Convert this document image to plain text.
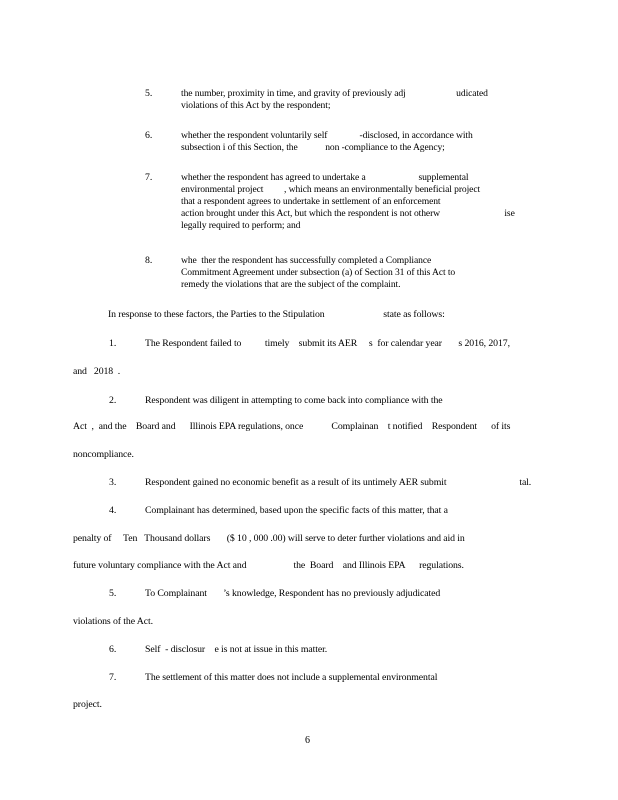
5.	the number, proximity in time, and gravity of previously adj                      udicated
violations of this Act by the respondent;
6.	whether the respondent voluntarily self              -disclosed, in accordance with
subsection i of this Section, the            non -compliance to the Agency;
7.	whether the respondent has agreed to undertake a                       supplemental
environmental project         , which means an environmentally beneficial project
that a respondent agrees to undertake in settlement of an enforcement
action brought under this Act, but which the respondent is not otherw                            ise
legally required to perform; and
8.	whe  ther the respondent has successfully completed a Compliance
Commitment Agreement under subsection (a) of Section 31 of this Act to
remedy the violations that are the subject of the complaint.
In response to these factors, the Parties to the Stipulation                         state as follows:
1.	The Respondent failed to          timely    submit its AER     s  for calendar year       s 2016, 2017,
and   2018  .
2.	Respondent was diligent in attempting to come back into compliance with the
Act  ,  and the    Board and      Illinois EPA regulations, once            Complainan    t notified    Respondent      of its
noncompliance.
3.	Respondent gained no economic benefit as a result of its untimely AER submit                               tal.
4.	Complainant has determined, based upon the specific facts of this matter, that a
penalty of     Ten   Thousand dollars       ($ 10 , 000 .00) will serve to deter further violations and aid in
future voluntary compliance with the Act and                    the  Board    and Illinois EPA      regulations.
5.	To Complainant       ’s knowledge, Respondent has no previously adjudicated
violations of the Act.
6.	Self  - disclosur    e is not at issue in this matter.
7.	The settlement of this matter does not include a supplemental environmental
project.
6
